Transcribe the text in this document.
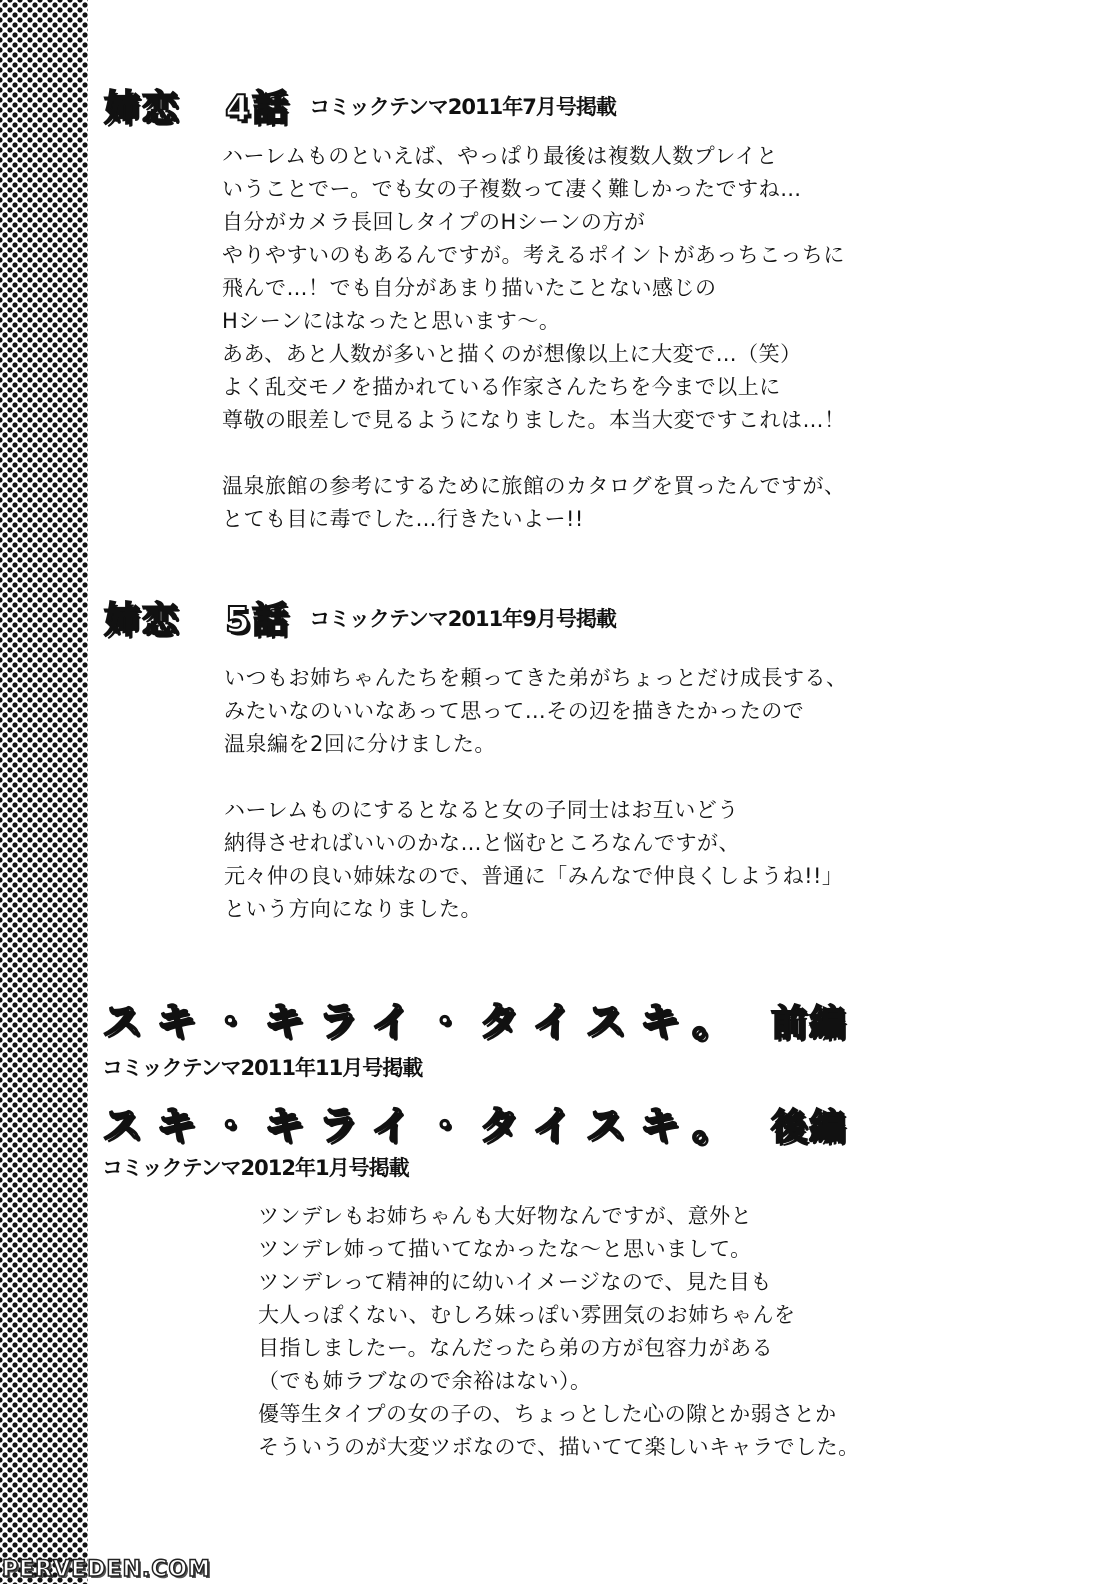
姉恋 4話 コミックテンマ2011年7月号掲載

ハーレムものといえば、やっぱり最後は複数人数プレイと

いうことでー。でも女の子複数って凄く難しかったですね…

自分がカメラ長回しタイプのHシーンの方が

やりやすいのもあるんですが。考えるポイントがあっちこっちに

飛んで…！でも自分があまり描いたことない感じの

Hシーンにはなったと思います～。

ああ、あと人数が多いと描くのが想像以上に大変で…（笑）

よく乱交モノを描かれている作家さんたちを今まで以上に

尊敬の眼差しで見るようになりました。本当大変ですこれは…！

温泉旅館の参考にするために旅館のカタログを買ったんですが、

とても目に毒でした…行きたいよー!!

姉恋 5話 コミックテンマ2011年9月号掲載

いつもお姉ちゃんたちを頼ってきた弟がちょっとだけ成長する、

みたいなのいいなあって思って…その辺を描きたかったので

温泉編を2回に分けました。

ハーレムものにするとなると女の子同士はお互いどう

納得させればいいのかな…と悩むところなんですが、

元々仲の良い姉妹なので、普通に「みんなで仲良くしようね!!」

という方向になりました。

スキ・キライ・タイスキ。 前編
コミックテンマ2011年11月号掲載
スキ・キライ・タイスキ。 後編
コミックテンマ2012年1月号掲載

ツンデレもお姉ちゃんも大好物なんですが、意外と

ツンデレ姉って描いてなかったな～と思いまして。

ツンデレって精神的に幼いイメージなので、見た目も

大人っぽくない、むしろ妹っぽい雰囲気のお姉ちゃんを

目指しましたー。なんだったら弟の方が包容力がある

（でも姉ラブなので余裕はない）。

優等生タイプの女の子の、ちょっとした心の隙とか弱さとか

そういうのが大変ツボなので、描いてて楽しいキャラでした。

PERVEDEN.COM
